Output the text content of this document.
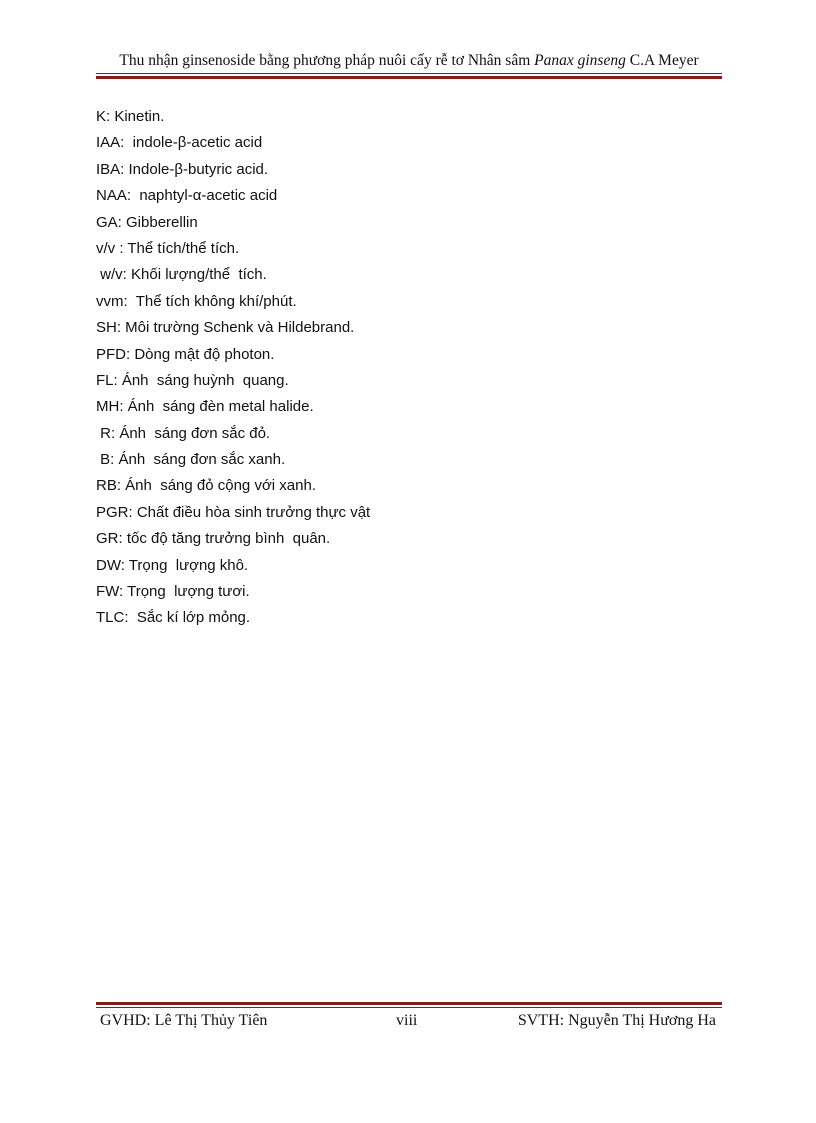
Thu nhận ginsenoside bằng phương pháp nuôi cấy rễ tơ Nhân sâm Panax ginseng C.A Meyer
K: Kinetin.
IAA:  indole-β-acetic acid
IBA: Indole-β-butyric acid.
NAA:  naphtyl-α-acetic acid
GA: Gibberellin
v/v : Thể tích/thể tích.
w/v: Khối lượng/thể  tích.
vvm:  Thể tích không khí/phút.
SH: Môi trường Schenk và Hildebrand.
PFD: Dòng mật độ photon.
FL: Ánh  sáng huỳnh  quang.
MH: Ánh  sáng đèn metal halide.
R: Ánh  sáng đơn sắc đỏ.
B: Ánh  sáng đơn sắc xanh.
RB: Ánh  sáng đỏ cộng với xanh.
PGR: Chất điều hòa sinh trưởng thực vật
GR: tốc độ tăng trưởng bình  quân.
DW: Trọng  lượng khô.
FW: Trọng  lượng tươi.
TLC:  Sắc kí lớp mỏng.
GVHD: Lê Thị Thủy Tiên	viii	SVTH: Nguyễn Thị Hương Ha
